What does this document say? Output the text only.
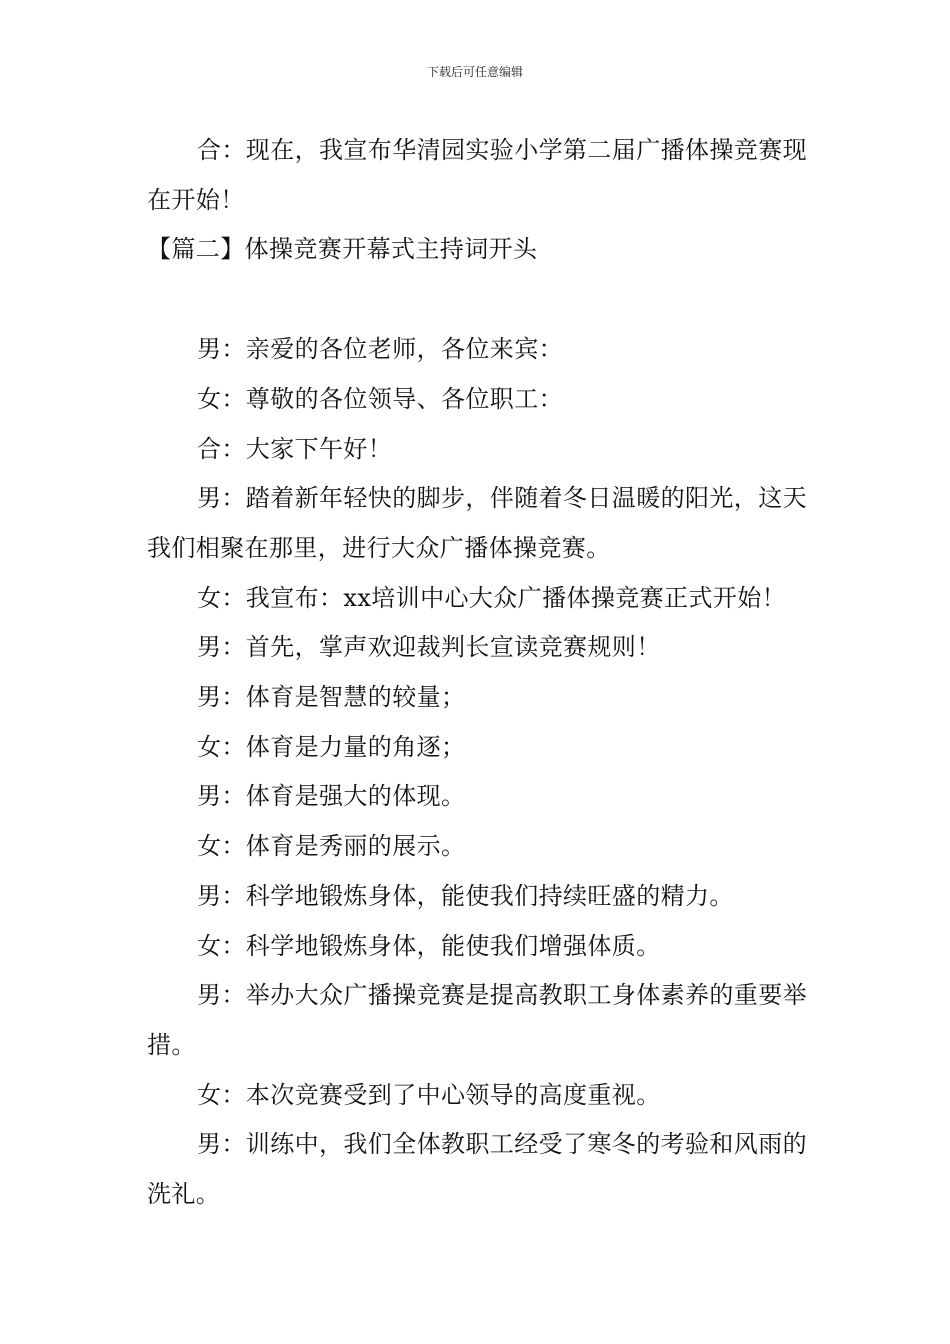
下载后可任意编辑

合：现在，我宣布华清园实验小学第二届广播体操竞赛现在开始！

【篇二】体操竞赛开幕式主持词开头

男：亲爱的各位老师，各位来宾：

女：尊敬的各位领导、各位职工：

合：大家下午好！

男：踏着新年轻快的脚步，伴随着冬日温暖的阳光，这天我们相聚在那里，进行大众广播体操竞赛。

女：我宣布：xx培训中心大众广播体操竞赛正式开始！

男：首先，掌声欢迎裁判长宣读竞赛规则！

男：体育是智慧的较量；

女：体育是力量的角逐；

男：体育是强大的体现。

女：体育是秀丽的展示。

男：科学地锻炼身体，能使我们持续旺盛的精力。

女：科学地锻炼身体，能使我们增强体质。

男：举办大众广播操竞赛是提高教职工身体素养的重要举措。

女：本次竞赛受到了中心领导的高度重视。

男：训练中，我们全体教职工经受了寒冬的考验和风雨的洗礼。
